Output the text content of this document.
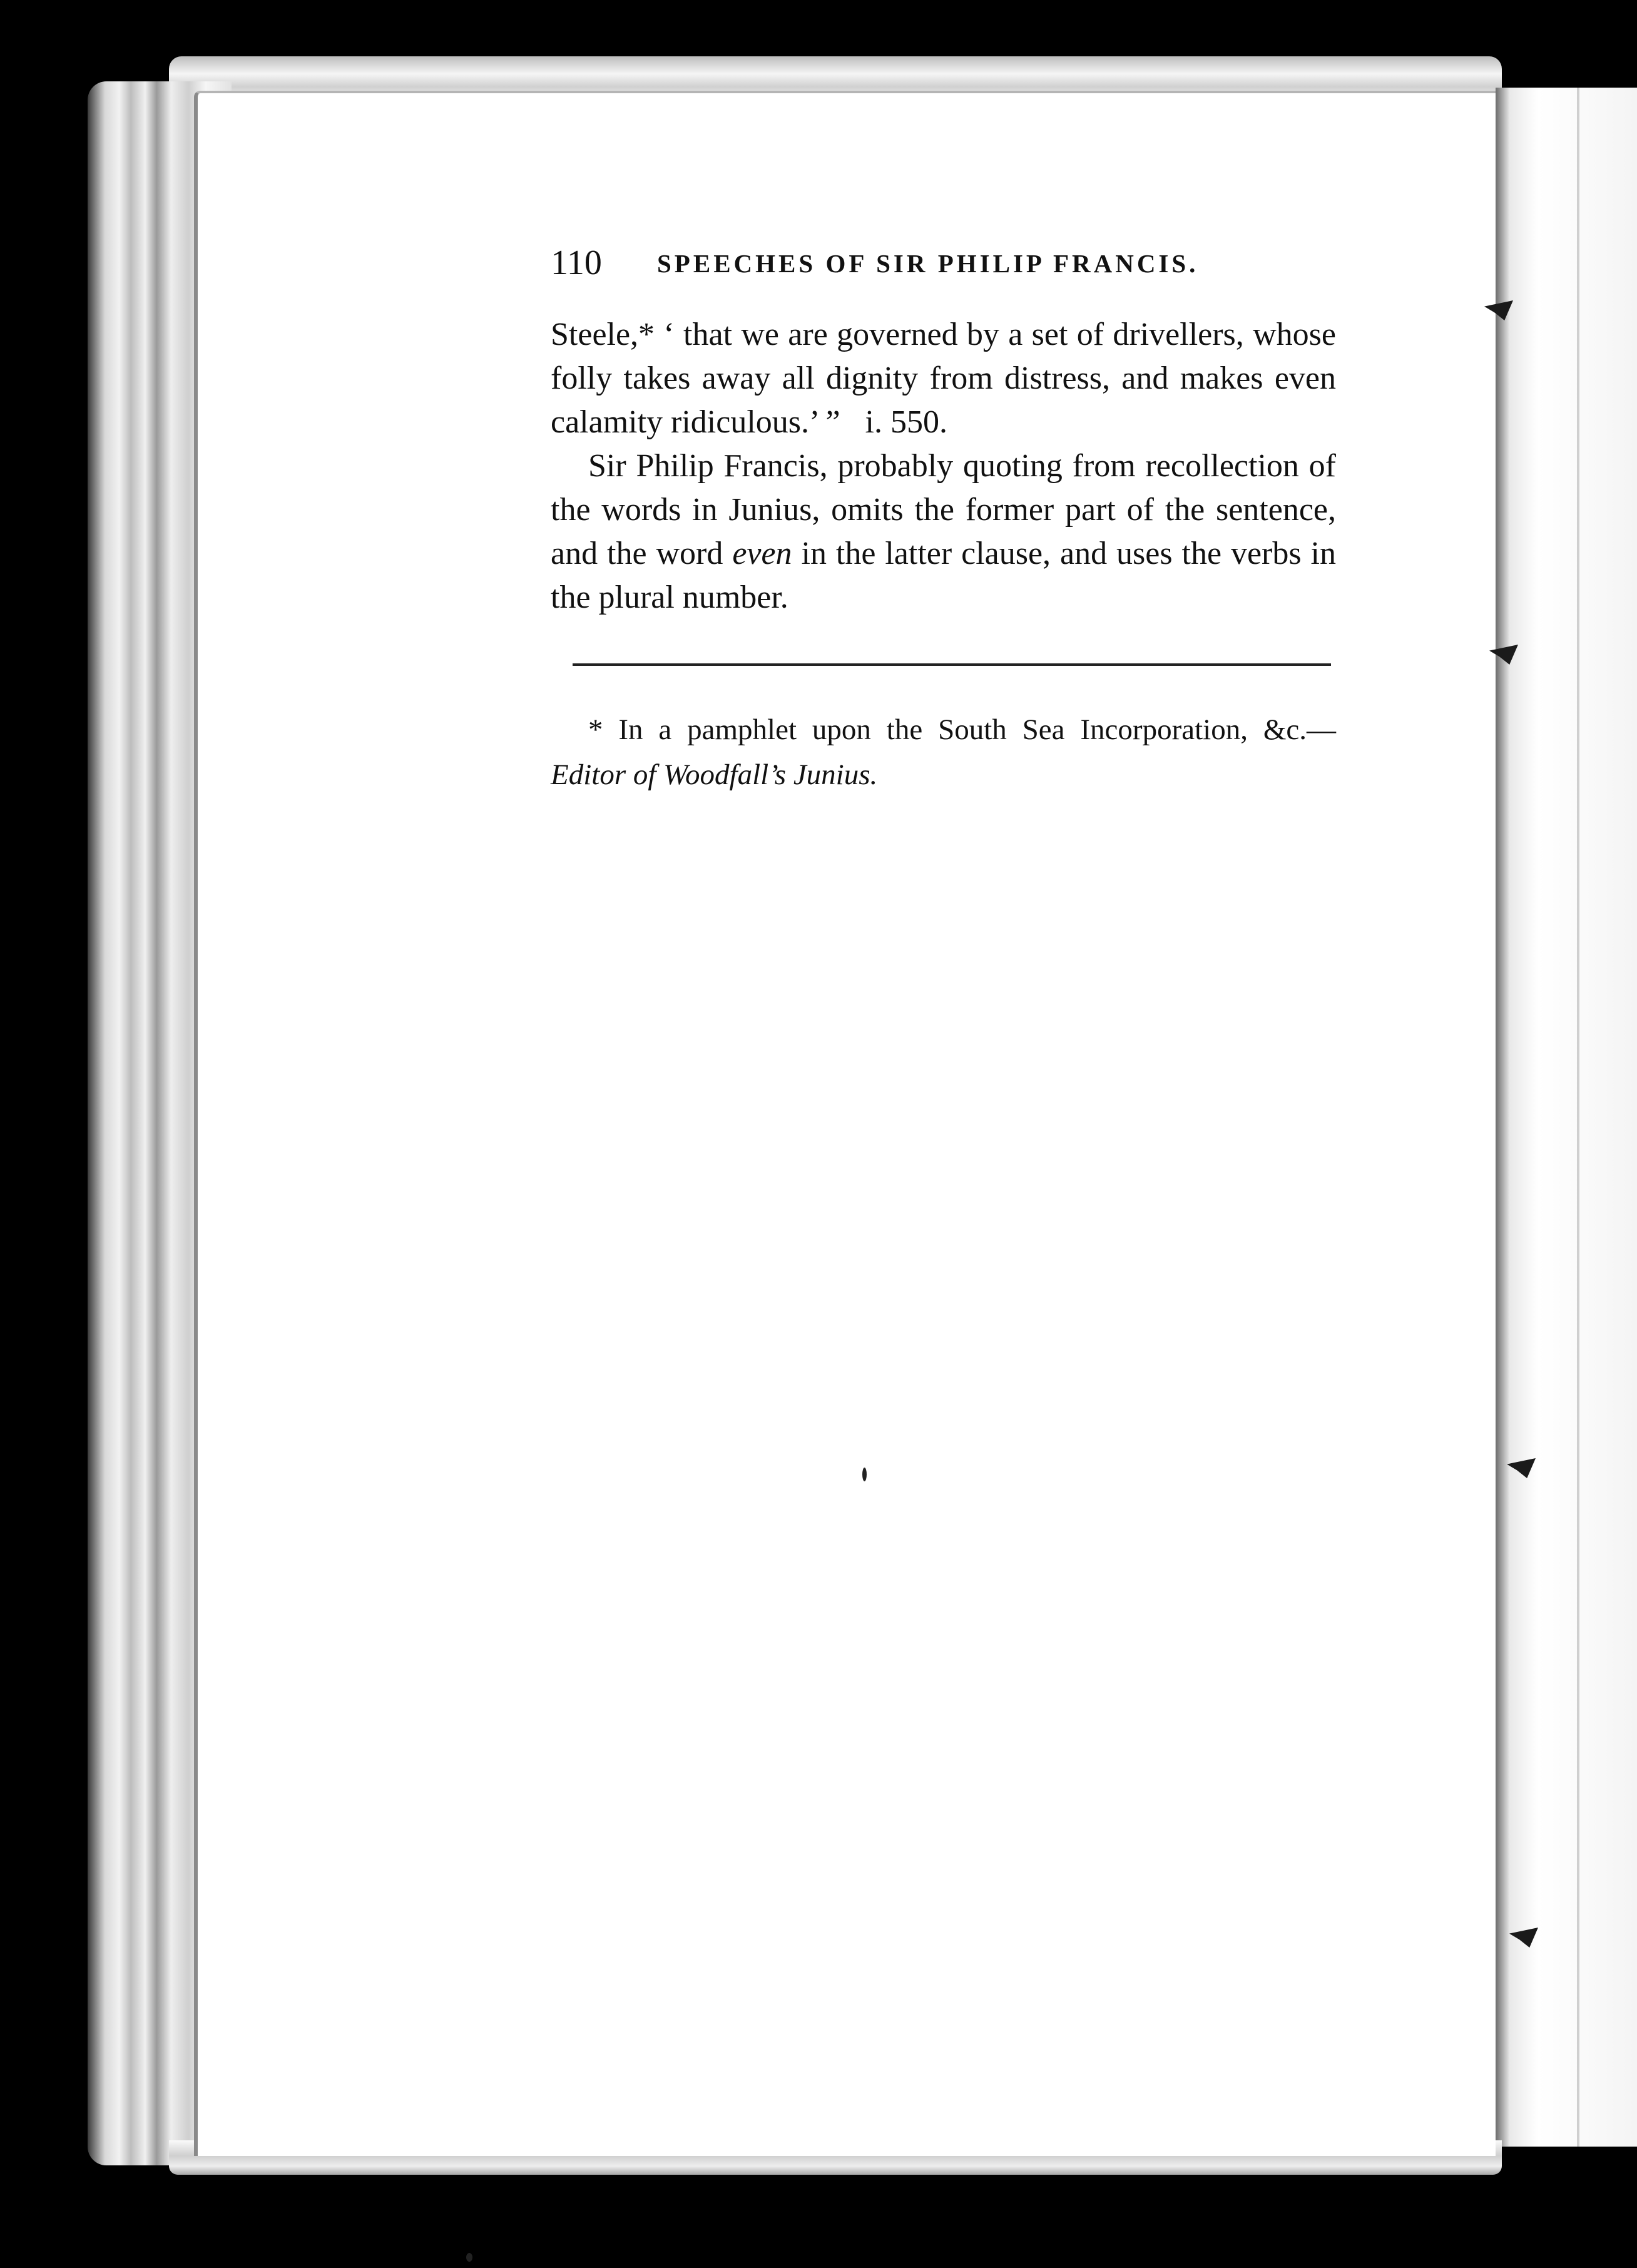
110 SPEECHES OF SIR PHILIP FRANCIS.

Steele,* ‘ that we are governed by a set of drivellers, whose folly takes away all dignity from distress, and makes even calamity ridiculous.’ ” i. 550.

Sir Philip Francis, probably quoting from recollection of the words in Junius, omits the former part of the sentence, and the word even in the latter clause, and uses the verbs in the plural number.

* In a pamphlet upon the South Sea Incorporation, &c.—Editor of Woodfall’s Junius.
